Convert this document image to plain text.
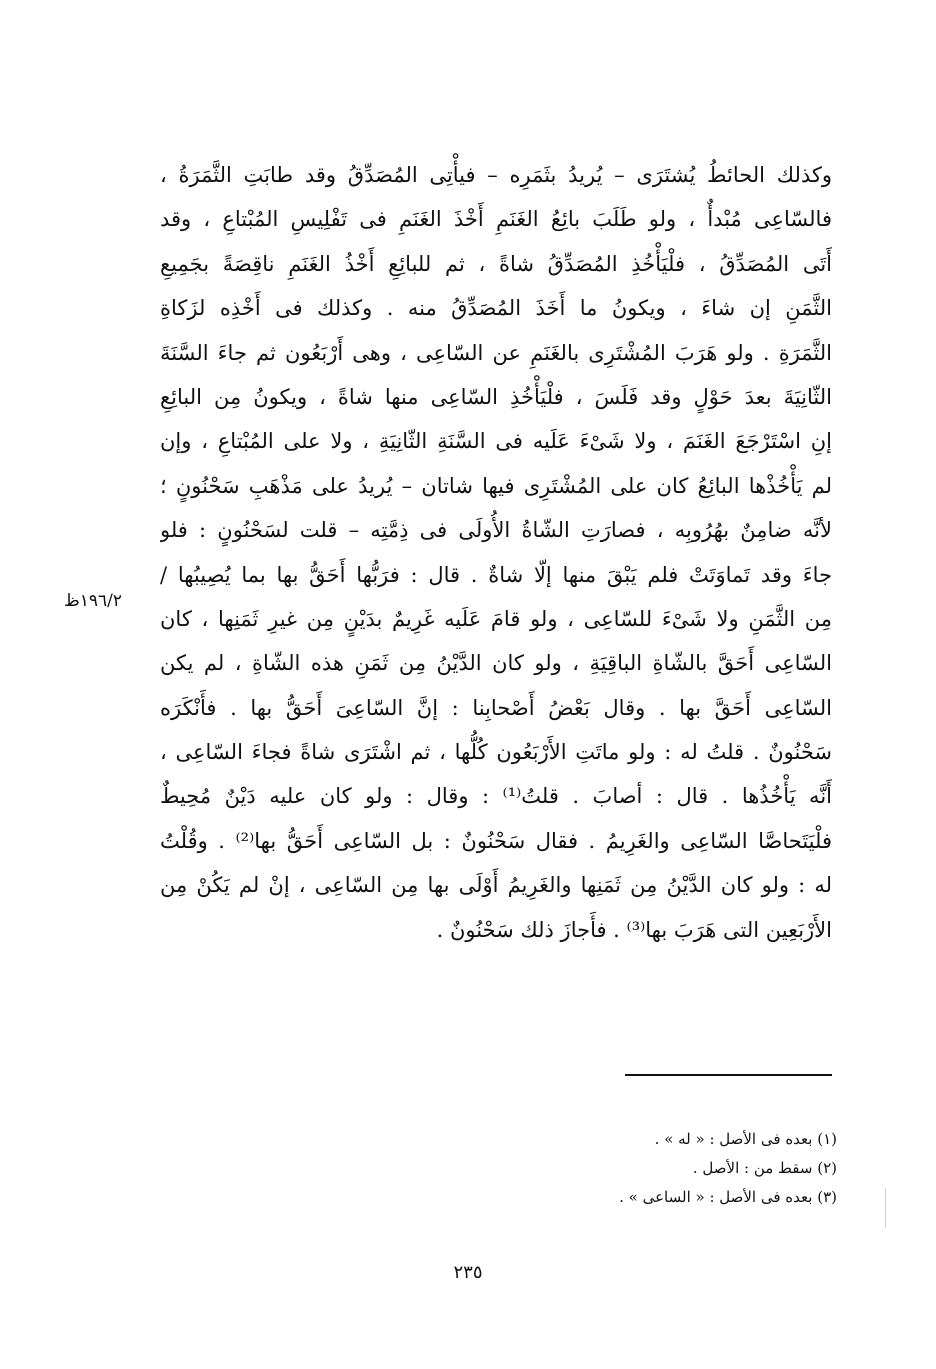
وكذلك الحائطُ يُشتَرَى – يُريدُ بثَمَرِه – فيأْتِى المُصَدِّقُ وقد طابَتِ الثَّمَرَةُ ،
فالسّاعِى مُبْدأٌ ، ولو طَلَبَ بائِعُ الغَنَمِ أَخْذَ الغَنَمِ فى تَفْلِيسِ المُبْتاعِ ، وقد
أَتَى المُصَدِّقُ ، فلْيَأْخُذِ المُصَدِّقُ شاةً ، ثم للبائِعِ أَخْذُ الغَنَمِ ناقِصَةً بجَمِيعِ
الثَّمَنِ إن شاءَ ، ويكونُ ما أَخَذَ المُصَدِّقُ منه . وكذلك فى أَخْذِه لزَكاةِ
الثَّمَرَةِ . ولو هَرَبَ المُشْتَرِى بالغَنَمِ عن السّاعِى ، وهى أَرْبَعُون ثم جاءَ السَّنَةَ
الثّانِيَةَ بعدَ حَوْلٍ وقد فَلَسَ ، فلْيَأْخُذِ السّاعِى منها شاةً ، ويكونُ مِن البائِعِ
إنِ اسْتَرْجَعَ الغَنَمَ ، ولا شَىْءَ عَلَيه فى السَّنَةِ الثّانِيَةِ ، ولا على المُبْتاعِ ، وإن
لم يَأْخُذْها البائِعُ كان على المُشْتَرِى فيها شاتان – يُريدُ على مَذْهَبِ سَحْنُونٍ ؛
لأنَّه ضامِنٌ بهُرُوبِه ، فصارَتِ الشّاةُ الأُولَى فى ذِمَّتِه – قلت لسَحْنُونٍ : فلو
جاءَ وقد تَماوَتَتْ فلم يَبْقَ منها إلّا شاةٌ . قال : فرَبُّها أَحَقُّ بها بما يُصِيبُها /
مِن الثَّمَنِ ولا شَىْءَ للسّاعِى ، ولو قامَ عَلَيه غَرِيمٌ بدَيْنٍ مِن غيرِ ثَمَنِها ، كان
السّاعِى أَحَقَّ بالشّاةِ الباقِيَةِ ، ولو كان الدَّيْنُ مِن ثَمَنِ هذه الشّاةِ ، لم يكن
السّاعِى أَحَقَّ بها . وقال بَعْضُ أَصْحابِنا : إنَّ السّاعِىَ أَحَقُّ بها . فأَنْكَرَه
سَحْنُونٌ . قلتُ له : ولو ماتَتِ الأَرْبَعُون كُلُّها ، ثم اشْتَرَى شاةً فجاءَ السّاعِى ،
أَنَّه يَأْخُذُها . قال : أصابَ . قلتُ⁽¹⁾ : وقال : ولو كان عليه دَيْنٌ مُحِيطٌ
فلْيَتَحاصَّا السّاعِى والغَرِيمُ . فقال سَحْنُونٌ : بل السّاعِى أَحَقُّ بها⁽²⁾ . وقُلْتُ
له : ولو كان الدَّيْنُ مِن ثَمَنِها والغَرِيمُ أَوْلَى بها مِن السّاعِى ، إنْ لم يَكُنْ مِن
الأَرْبَعِين التى هَرَبَ بها⁽³⁾ . فأَجازَ ذلك سَحْنُونٌ .
١٩٦/٢ظ
(١) بعده فى الأصل : « له » .
(٢) سقط من : الأصل .
(٣) بعده فى الأصل : « الساعى » .
٢٣٥
